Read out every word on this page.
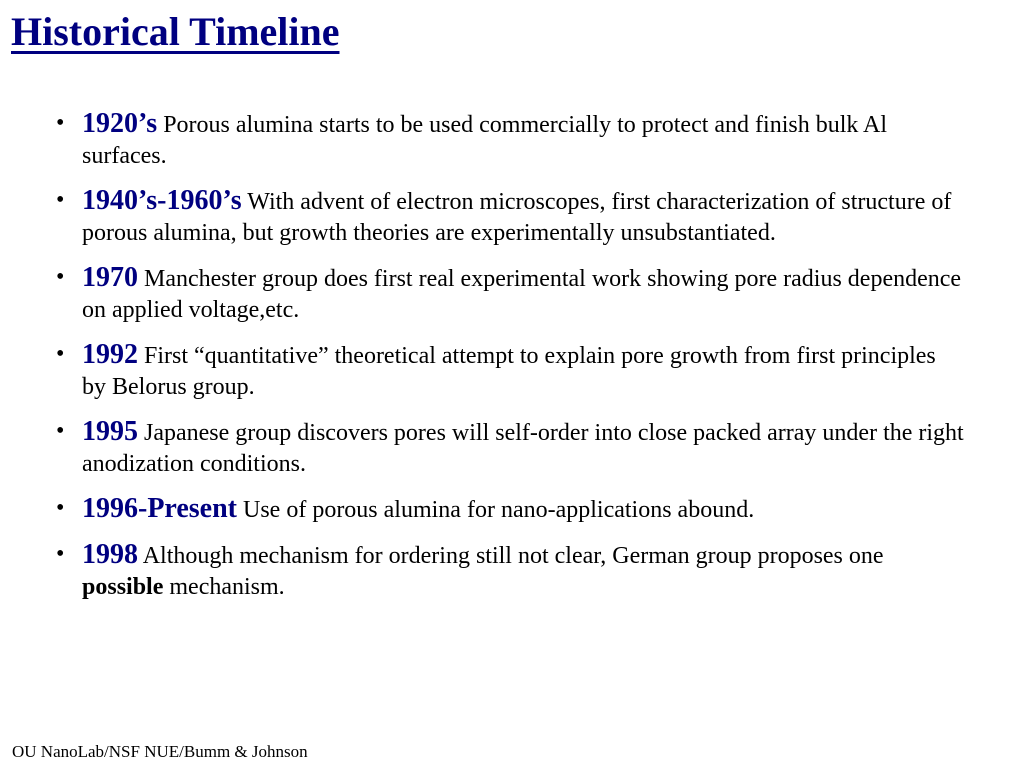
Historical Timeline
• 1920’s Porous alumina starts to be used commercially to protect and finish bulk Al surfaces.
• 1940’s-1960’s With advent of electron microscopes, first characterization of structure of porous alumina, but growth theories are experimentally unsubstantiated.
• 1970 Manchester group does first real experimental work showing pore radius dependence on applied voltage,etc.
• 1992 First “quantitative” theoretical attempt to explain pore growth from first principles by Belorus group.
• 1995 Japanese group discovers pores will self-order into close packed array under the right anodization conditions.
• 1996-Present Use of porous alumina for nano-applications abound.
• 1998 Although mechanism for ordering still not clear, German group proposes one possible mechanism.
OU NanoLab/NSF NUE/Bumm & Johnson
